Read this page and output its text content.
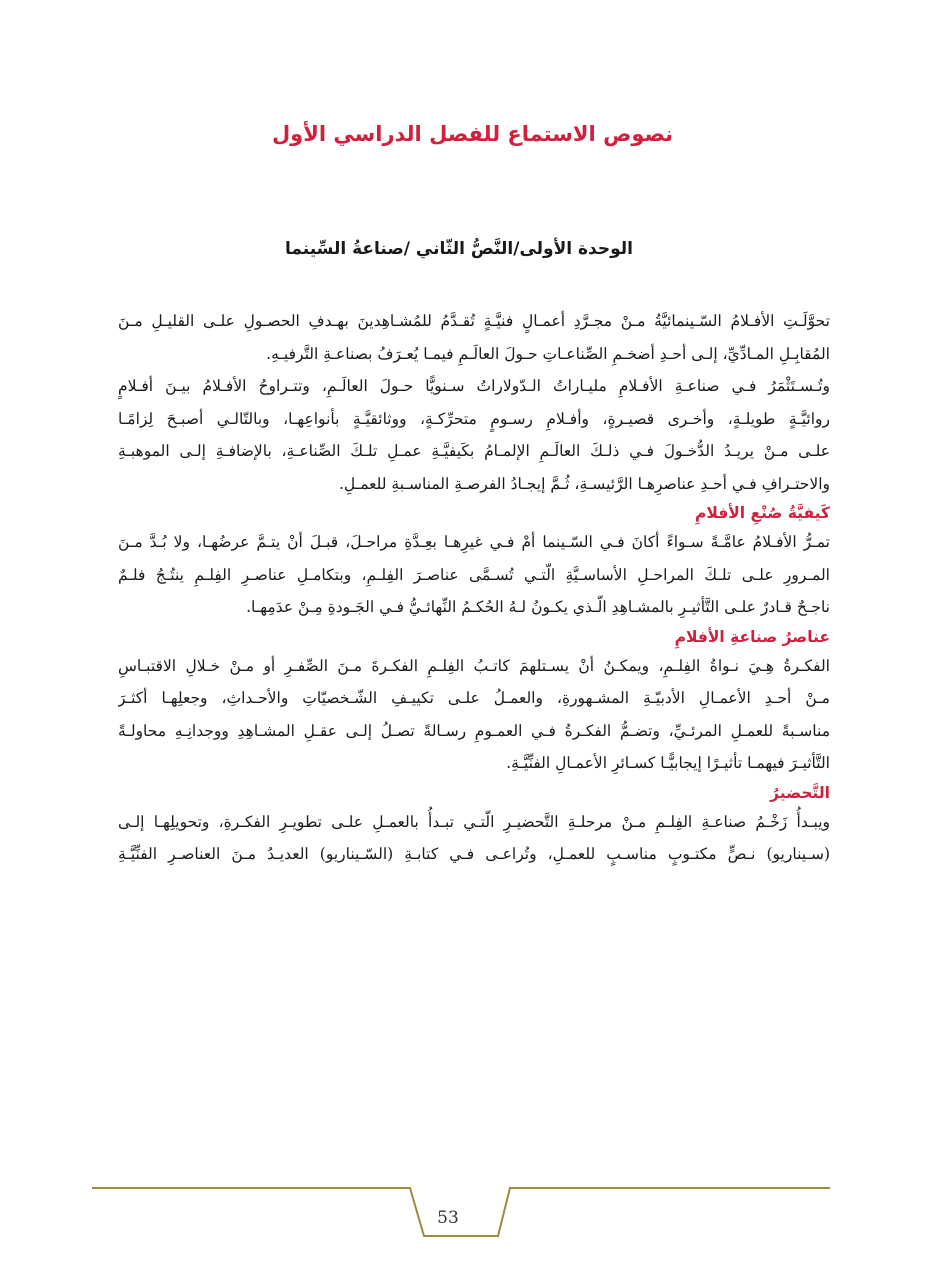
نصوص الاستماع للفصل الدراسي الأول
الوحدة الأولى/النَّصُّ الثّاني /صناعةُ السِّينما
تحوَّلَـتِ الأفـلامُ السّـينمائيَّةُ مـنْ مجـرَّدِ أعمـالٍ فنيَّـةٍ تُقـدَّمُ للمُشـاهِدينَ بهـدفِ الحصـولِ علـى القليـلِ مـنَ
المُقابِـلِ المـادِّيِّ، إلـى أحـدِ أضخـمِ الصِّناعـاتِ حـولَ العالَـمِ فيمـا يُعـرَفُ بصناعـةِ التَّرفيـهِ.
وتُـسـتَثْمَرُ فـي صناعـةِ الأفـلامِ مليـاراتُ الـدّولاراتُ سـنويًّا حـولَ العالَـمِ، وتتـراوحُ الأفـلامُ بيـنَ أفـلامٍ
روائيَّـةٍ طويلـةٍ، وأخـرى قصيـرةٍ، وأفـلامِ رسـومٍ متحرِّكـةٍ، ووثائقيَّـةٍ بأنواعِهـا، وبالتّالـي أصبـحَ لِزامًـا
علـى مـنْ يريـدُ الدُّخـولَ فـي ذلـكَ العالَـمِ الإلمـامُ بكَيفيَّـةِ عمـلِ تلـكَ الصِّناعـةِ، بالإضافـةِ إلـى الموهبـةِ
والاحتـرافِ فـي أحـدِ عناصرِهـا الرَّئيسـةِ، ثُـمَّ إيجـادُ الفرصـةِ المناسـبةِ للعمـلِ.
كَيفيَّةُ صُنْعِ الأفلامِ
تمـرُّ الأفـلامُ عامَّـةً سـواءً أكانَ فـي السّـينما أمْ فـي غيرِهـا بعِـدَّةِ مراحـلَ، قبـلَ أنْ يتـمَّ عرضُهـا، ولا بُـدَّ مـنَ
المـرورِ علـى تلـكَ المراحـلِ الأساسـيَّةِ الّتـي تُسـمَّى عناصـرَ الفِلـمِ، وبتكامـلِ عناصـرِ الفِلـمِ ينتُـجُ فلـمٌ
ناجـحٌ قـادرٌ علـى التَّأثيـرِ بالمشـاهِدِ الّـذي يكـونُ لـهُ الحُكـمُ النِّهائـيُّ فـي الجَـودةِ مِـنْ عدَمِهـا.
عناصرُ صناعةِ الأفلامِ
الفكـرةُ هِـيَ نـواةُ الفِلـمِ، ويمكـنُ أنْ يسـتلهمَ كاتـبُ الفِلـمِ الفكـرةَ مـنَ الصِّفـرِ أو مـنْ خـلالِ الاقتبـاسِ
مـنْ أحـدِ الأعمـالِ الأدبيّـةِ المشـهورةِ، والعمـلُ علـى تكييـفِ الشّـخصيّاتِ والأحـداثِ، وجعلِهـا أكثـرَ
مناسـبةً للعمـلِ المرئـيِّ، وتضـمُّ الفكـرةُ فـي العمـومِ رسـالةً تصـلُ إلـى عقـلِ المشـاهِدِ ووجدانِـهِ محاولـةً
التَّأثيـرَ فيهمـا تأثيـرًا إيجابيًّـا كسـائرِ الأعمـالِ الفنِّيَّـةِ.
التَّحضيرُ
ويبـدأُ زَخْـمُ صناعـةِ الفِلـمِ مـنْ مرحلـةِ التَّحضيـرِ الّتـي تبـدأُ بالعمـلِ علـى تطويـرِ الفكـرةِ، وتحويلِهـا إلـى
(سـيناريو) نـصٍّ مكتـوبٍ مناسـبٍ للعمـلِ، وتُراعـى فـي كتابـةِ (السّـيناريو) العديـدُ مـنَ العناصـرِ الفنِّيَّـةِ
53
